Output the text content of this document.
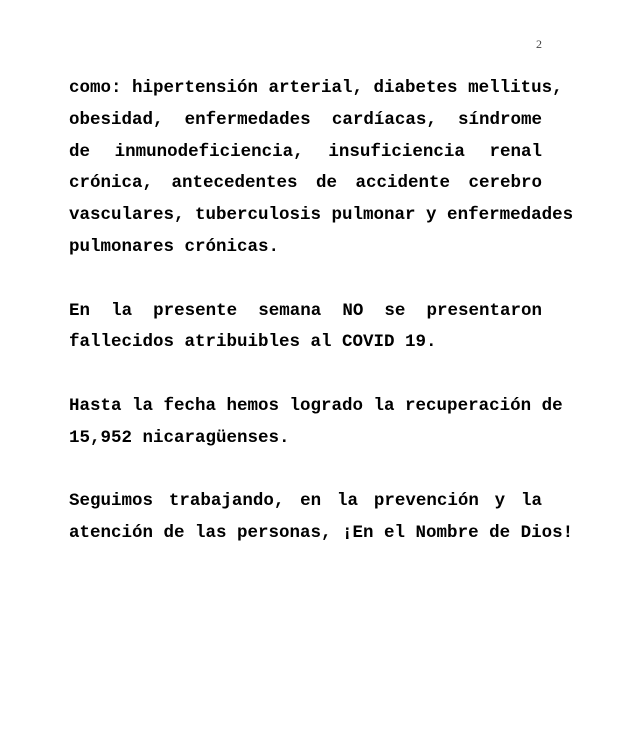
2
como: hipertensión arterial, diabetes mellitus,
obesidad, enfermedades cardíacas, síndrome
de inmunodeficiencia, insuficiencia renal
crónica, antecedentes de accidente cerebro
vasculares, tuberculosis pulmonar y enfermedades
pulmonares crónicas.
En la presente semana NO se presentaron
fallecidos atribuibles al COVID 19.
Hasta la fecha hemos logrado la recuperación de
15,952 nicaragüenses.
Seguimos trabajando, en la prevención y la
atención de las personas, ¡En el Nombre de Dios!
